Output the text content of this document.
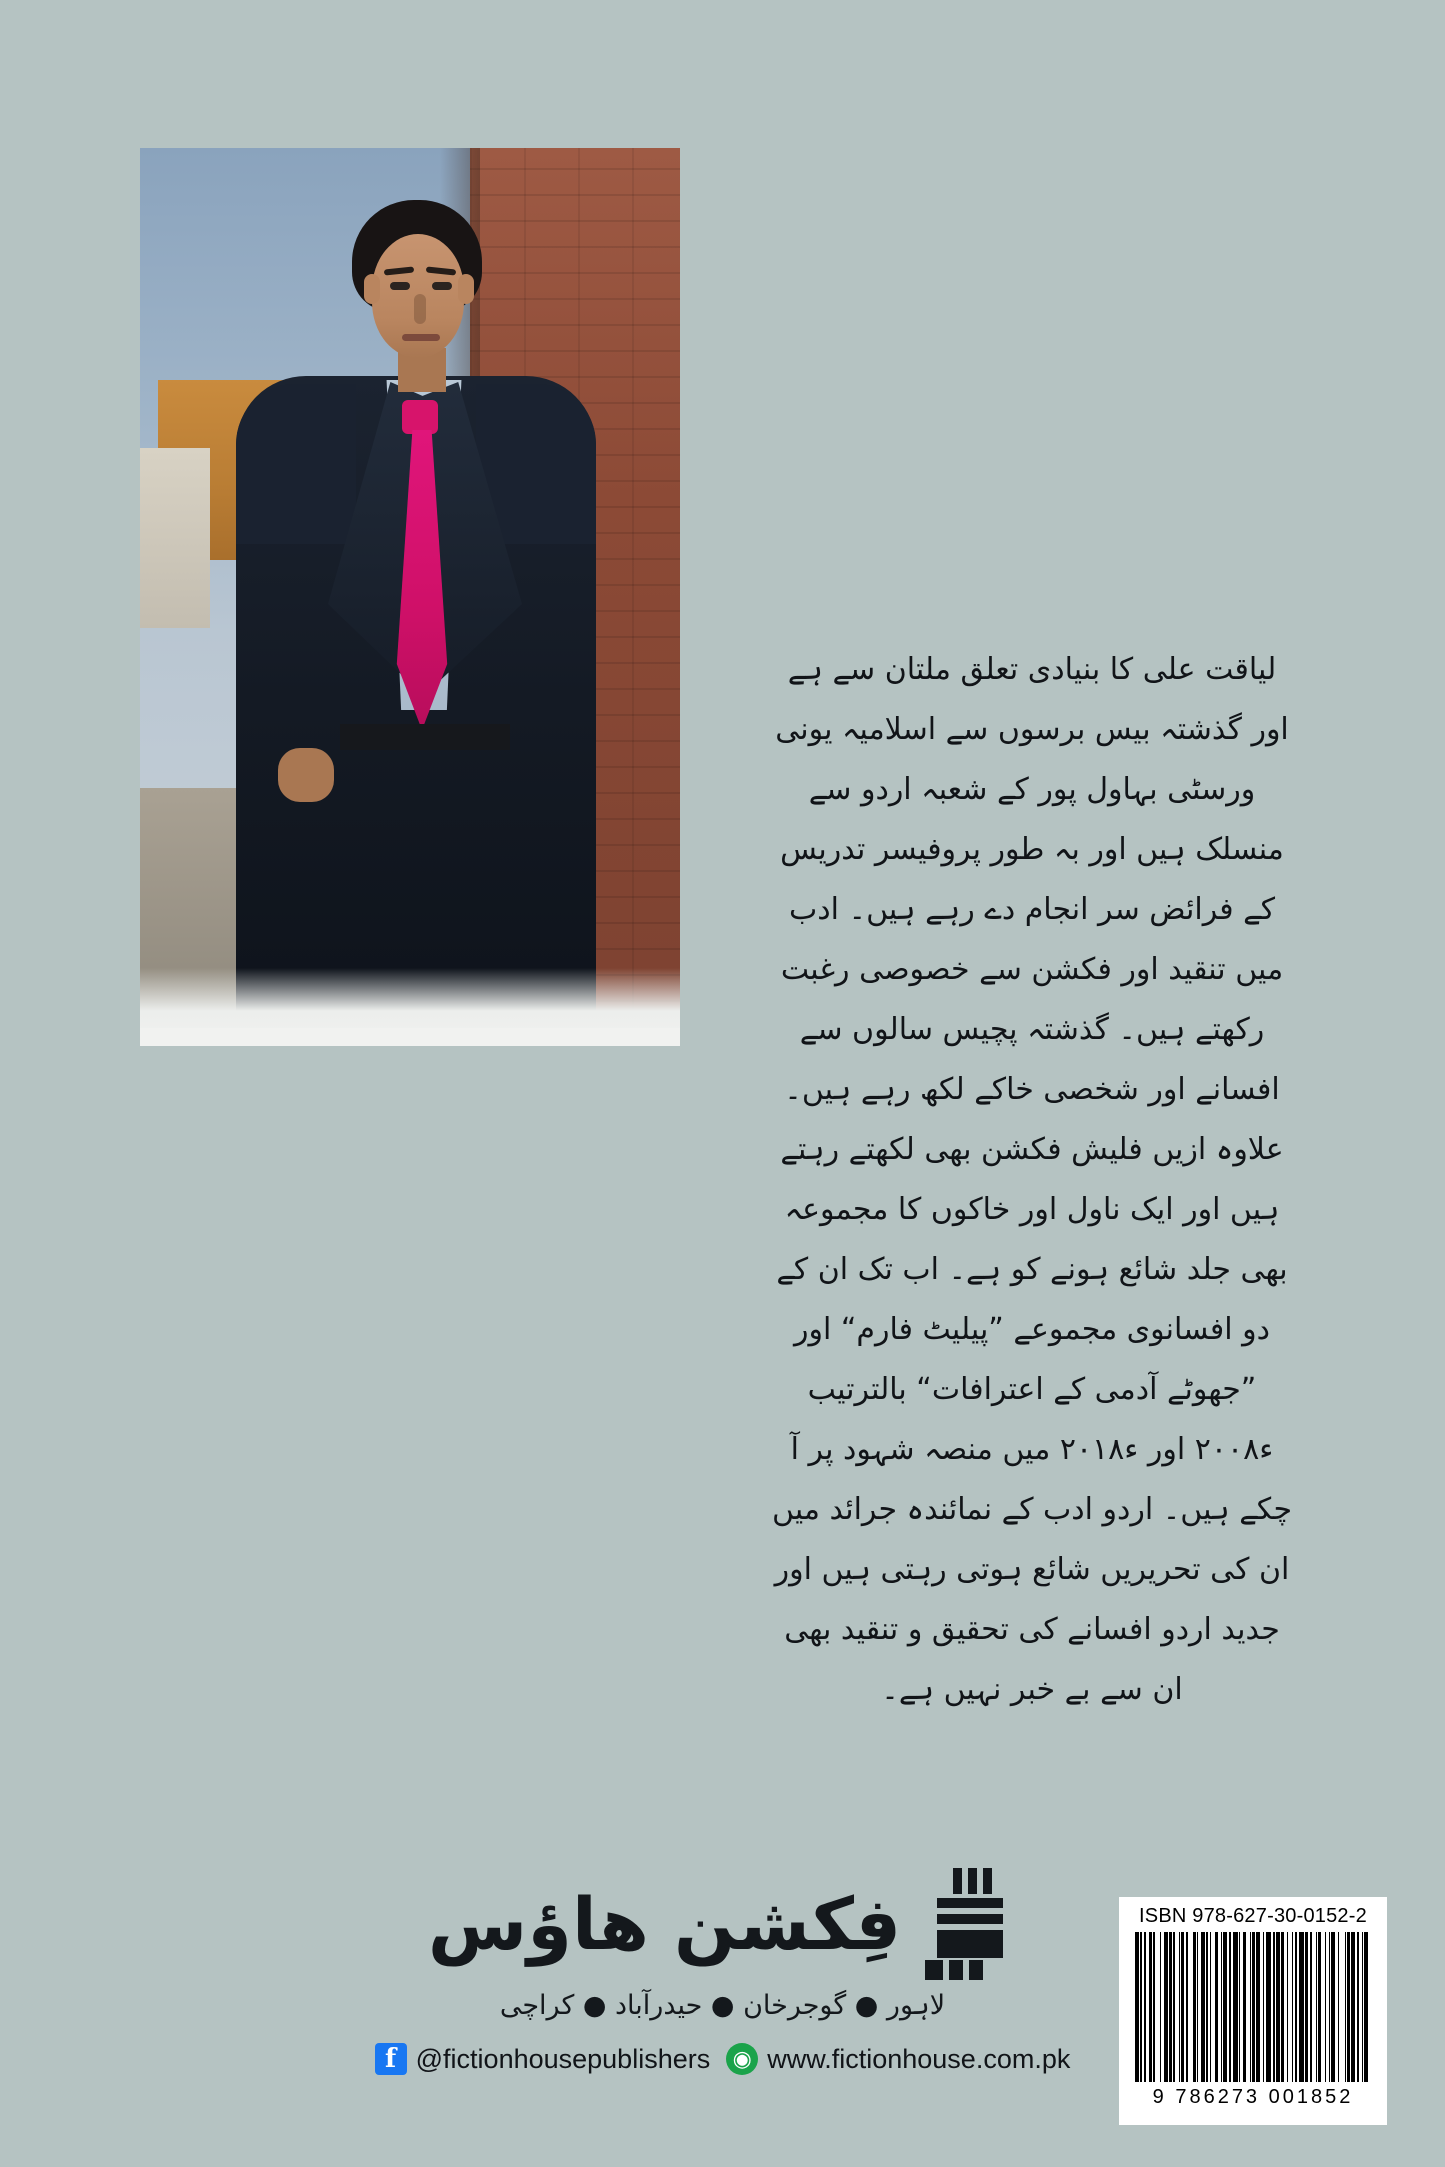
لیاقت علی کا بنیادی تعلق ملتان سے ہے اور گذشتہ بیس برسوں سے اسلامیہ یونی ورسٹی بہاول پور کے شعبہ اردو سے منسلک ہیں اور بہ طور پروفیسر تدریس کے فرائض سر انجام دے رہے ہیں۔ ادب میں تنقید اور فکشن سے خصوصی رغبت رکھتے ہیں۔ گذشتہ پچیس سالوں سے افسانے اور شخصی خاکے لکھ رہے ہیں۔ علاوہ ازیں فلیش فکشن بھی لکھتے رہتے ہیں اور ایک ناول اور خاکوں کا مجموعہ بھی جلد شائع ہونے کو ہے۔ اب تک ان کے دو افسانوی مجموعے ”پیلیٹ فارم“ اور ”جھوٹے آدمی کے اعترافات“ بالترتیب ء۲۰۰۸ اور ء۲۰۱۸ میں منصہ شہود پر آ چکے ہیں۔ اردو ادب کے نمائندہ جرائد میں ان کی تحریریں شائع ہوتی رہتی ہیں اور جدید اردو افسانے کی تحقیق و تنقید بھی ان سے بے خبر نہیں ہے۔
فِکشن ھاؤس
لاہور ● گوجرخان ● حیدرآباد ● کراچی
f @fictionhousepublishers ◉ www.fictionhouse.com.pk
ISBN 978-627-30-0152-2
9 786273 001852
